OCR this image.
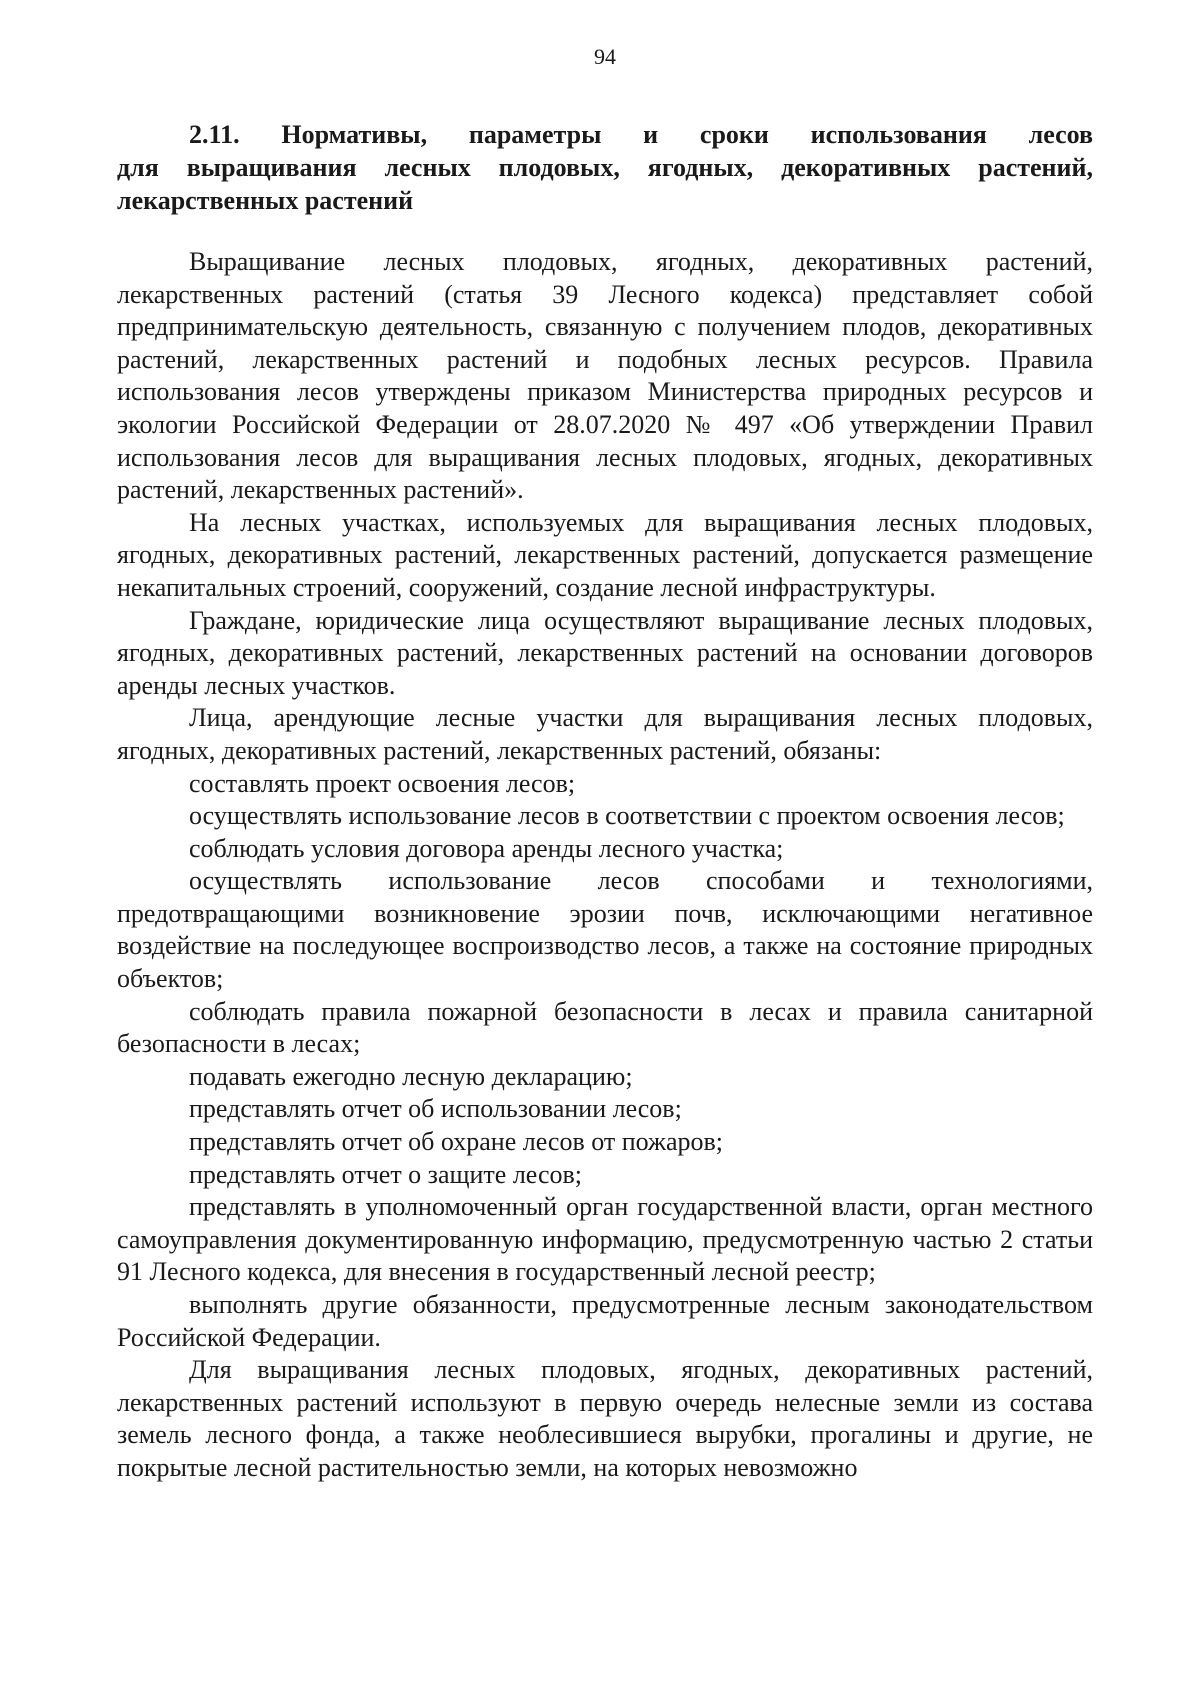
94
2.11. Нормативы, параметры и сроки использования лесов
для выращивания лесных плодовых, ягодных, декоративных растений,
лекарственных растений

Выращивание лесных плодовых, ягодных, декоративных растений, лекарственных растений (статья 39 Лесного кодекса) представляет собой предпринимательскую деятельность, связанную с получением плодов, декоративных растений, лекарственных растений и подобных лесных ресурсов. Правила использования лесов утверждены приказом Министерства природных ресурсов и экологии Российской Федерации от 28.07.2020 № 497 «Об утверждении Правил использования лесов для выращивания лесных плодовых, ягодных, декоративных растений, лекарственных растений».

На лесных участках, используемых для выращивания лесных плодовых, ягодных, декоративных растений, лекарственных растений, допускается размещение некапитальных строений, сооружений, создание лесной инфраструктуры.

Граждане, юридические лица осуществляют выращивание лесных плодовых, ягодных, декоративных растений, лекарственных растений на основании договоров аренды лесных участков.

Лица, арендующие лесные участки для выращивания лесных плодовых, ягодных, декоративных растений, лекарственных растений, обязаны:

составлять проект освоения лесов;

осуществлять использование лесов в соответствии с проектом освоения лесов;

соблюдать условия договора аренды лесного участка;

осуществлять использование лесов способами и технологиями, предотвращающими возникновение эрозии почв, исключающими негативное воздействие на последующее воспроизводство лесов, а также на состояние природных объектов;

соблюдать правила пожарной безопасности в лесах и правила санитарной безопасности в лесах;

подавать ежегодно лесную декларацию;

представлять отчет об использовании лесов;

представлять отчет об охране лесов от пожаров;

представлять отчет о защите лесов;

представлять в уполномоченный орган государственной власти, орган местного самоуправления документированную информацию, предусмотренную частью 2 статьи 91 Лесного кодекса, для внесения в государственный лесной реестр;

выполнять другие обязанности, предусмотренные лесным законодательством Российской Федерации.

Для выращивания лесных плодовых, ягодных, декоративных растений, лекарственных растений используют в первую очередь нелесные земли из состава земель лесного фонда, а также необлесившиеся вырубки, прогалины и другие, не покрытые лесной растительностью земли, на которых невозможно
